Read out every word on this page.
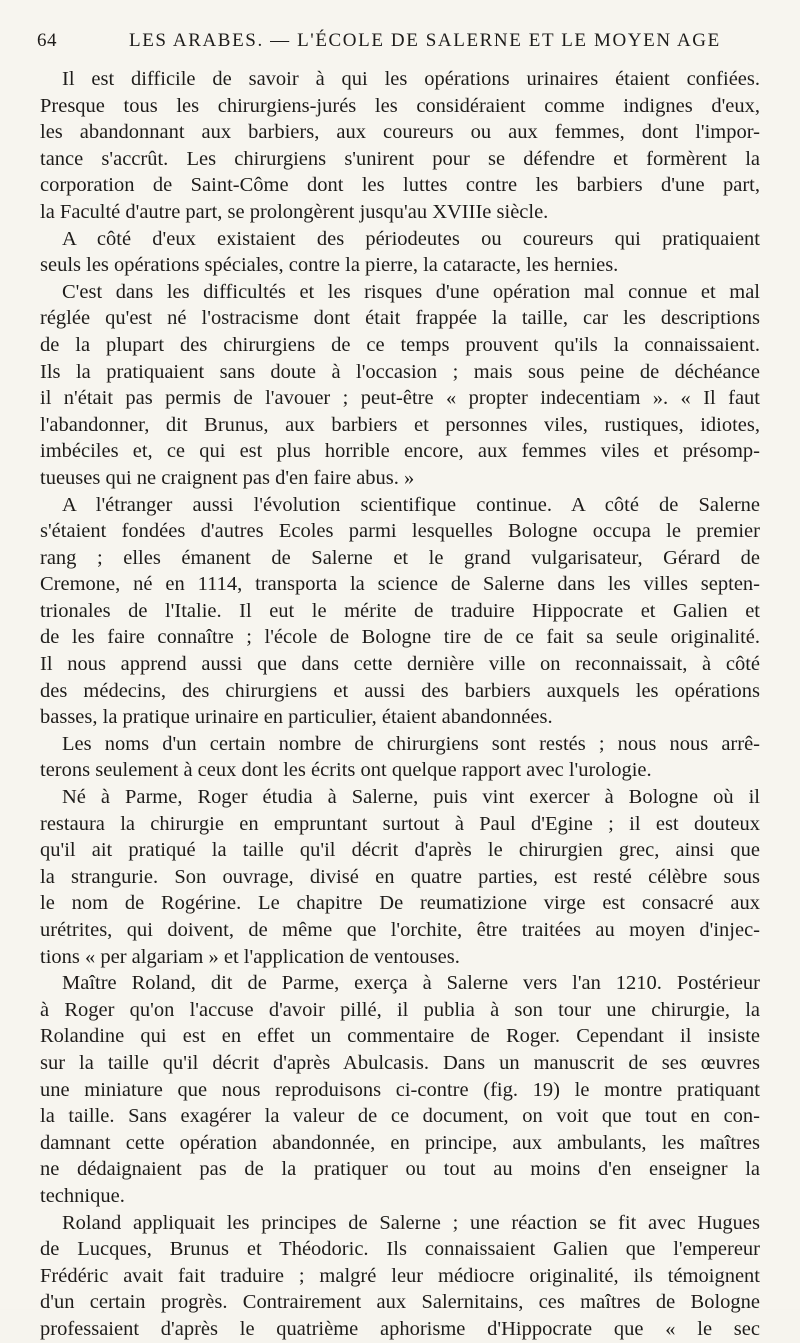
64	LES ARABES. — L'ÉCOLE DE SALERNE ET LE MOYEN AGE
Il est difficile de savoir à qui les opérations urinaires étaient confiées.
Presque tous les chirurgiens-jurés les considéraient comme indignes d'eux,
les abandonnant aux barbiers, aux coureurs ou aux femmes, dont l'impor-
tance s'accrût. Les chirurgiens s'unirent pour se défendre et formèrent la
corporation de Saint-Côme dont les luttes contre les barbiers d'une part,
la Faculté d'autre part, se prolongèrent jusqu'au XVIIIe siècle.
A côté d'eux existaient des périodeutes ou coureurs qui pratiquaient
seuls les opérations spéciales, contre la pierre, la cataracte, les hernies.
C'est dans les difficultés et les risques d'une opération mal connue et mal
réglée qu'est né l'ostracisme dont était frappée la taille, car les descriptions
de la plupart des chirurgiens de ce temps prouvent qu'ils la connaissaient.
Ils la pratiquaient sans doute à l'occasion ; mais sous peine de déchéance
il n'était pas permis de l'avouer ; peut-être « propter indecentiam ». « Il faut
l'abandonner, dit Brunus, aux barbiers et personnes viles, rustiques, idiotes,
imbéciles et, ce qui est plus horrible encore, aux femmes viles et présomp-
tueuses qui ne craignent pas d'en faire abus. »
A l'étranger aussi l'évolution scientifique continue. A côté de Salerne
s'étaient fondées d'autres Ecoles parmi lesquelles Bologne occupa le premier
rang ; elles émanent de Salerne et le grand vulgarisateur, Gérard de
Cremone, né en 1114, transporta la science de Salerne dans les villes septen-
trionales de l'Italie. Il eut le mérite de traduire Hippocrate et Galien et
de les faire connaître ; l'école de Bologne tire de ce fait sa seule originalité.
Il nous apprend aussi que dans cette dernière ville on reconnaissait, à côté
des médecins, des chirurgiens et aussi des barbiers auxquels les opérations
basses, la pratique urinaire en particulier, étaient abandonnées.
Les noms d'un certain nombre de chirurgiens sont restés ; nous nous arrê-
terons seulement à ceux dont les écrits ont quelque rapport avec l'urologie.
Né à Parme, Roger étudia à Salerne, puis vint exercer à Bologne où il
restaura la chirurgie en empruntant surtout à Paul d'Egine ; il est douteux
qu'il ait pratiqué la taille qu'il décrit d'après le chirurgien grec, ainsi que
la strangurie. Son ouvrage, divisé en quatre parties, est resté célèbre sous
le nom de Rogérine. Le chapitre De reumatizione virge est consacré aux
urétrites, qui doivent, de même que l'orchite, être traitées au moyen d'injec-
tions « per algariam » et l'application de ventouses.
Maître Roland, dit de Parme, exerça à Salerne vers l'an 1210. Postérieur
à Roger qu'on l'accuse d'avoir pillé, il publia à son tour une chirurgie, la
Rolandine qui est en effet un commentaire de Roger. Cependant il insiste
sur la taille qu'il décrit d'après Abulcasis. Dans un manuscrit de ses œuvres
une miniature que nous reproduisons ci-contre (fig. 19) le montre pratiquant
la taille. Sans exagérer la valeur de ce document, on voit que tout en con-
damnant cette opération abandonnée, en principe, aux ambulants, les maîtres
ne dédaignaient pas de la pratiquer ou tout au moins d'en enseigner la
technique.
Roland appliquait les principes de Salerne ; une réaction se fit avec Hugues
de Lucques, Brunus et Théodoric. Ils connaissaient Galien que l'empereur
Frédéric avait fait traduire ; malgré leur médiocre originalité, ils témoignent
d'un certain progrès. Contrairement aux Salernitains, ces maîtres de Bologne
professaient d'après le quatrième aphorisme d'Hippocrate que « le sec
